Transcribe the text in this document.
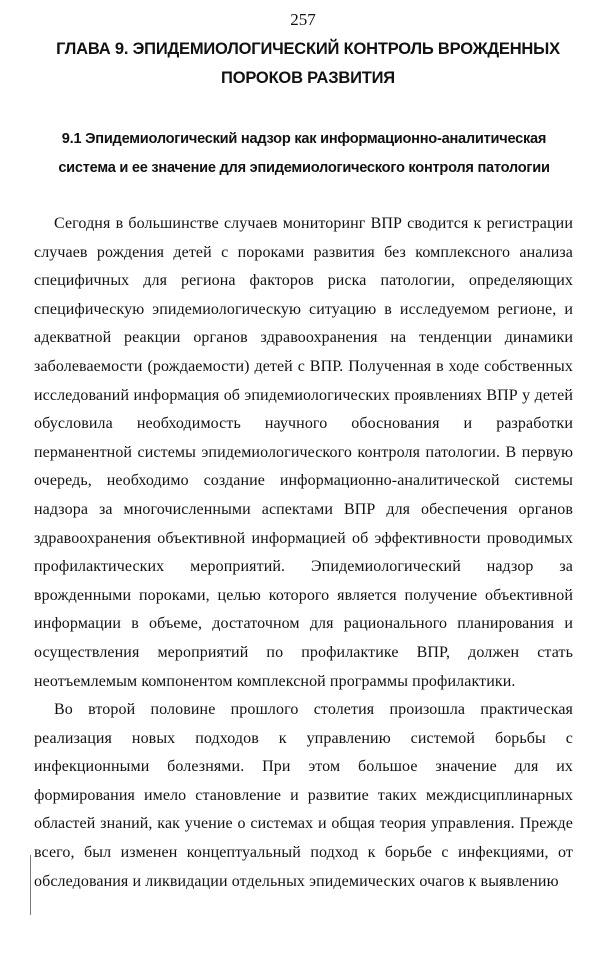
257
ГЛАВА 9. ЭПИДЕМИОЛОГИЧЕСКИЙ КОНТРОЛЬ ВРОЖДЕННЫХ ПОРОКОВ РАЗВИТИЯ
9.1 Эпидемиологический надзор как информационно-аналитическая система и ее значение для эпидемиологического контроля патологии

Сегодня в большинстве случаев мониторинг ВПР сводится к регистрации случаев рождения детей с пороками развития без комплексного анализа специфичных для региона факторов риска патологии, определяющих специфическую эпидемиологическую ситуацию в исследуемом регионе, и адекватной реакции органов здравоохранения на тенденции динамики заболеваемости (рождаемости) детей с ВПР. Полученная в ходе собственных исследований информация об эпидемиологических проявлениях ВПР у детей обусловила необходимость научного обоснования и разработки перманентной системы эпидемиологического контроля патологии. В первую очередь, необходимо создание информационно-аналитической системы надзора за многочисленными аспектами ВПР для обеспечения органов здравоохранения объективной информацией об эффективности проводимых профилактических мероприятий. Эпидемиологический надзор за врожденными пороками, целью которого является получение объективной информации в объеме, достаточном для рационального планирования и осуществления мероприятий по профилактике ВПР, должен стать неотъемлемым компонентом комплексной программы профилактики.

Во второй половине прошлого столетия произошла практическая реализация новых подходов к управлению системой борьбы с инфекционными болезнями. При этом большое значение для их формирования имело становление и развитие таких междисциплинарных областей знаний, как учение о системах и общая теория управления. Прежде всего, был изменен концептуальный подход к борьбе с инфекциями, от обследования и ликвидации отдельных эпидемических очагов к выявлению
